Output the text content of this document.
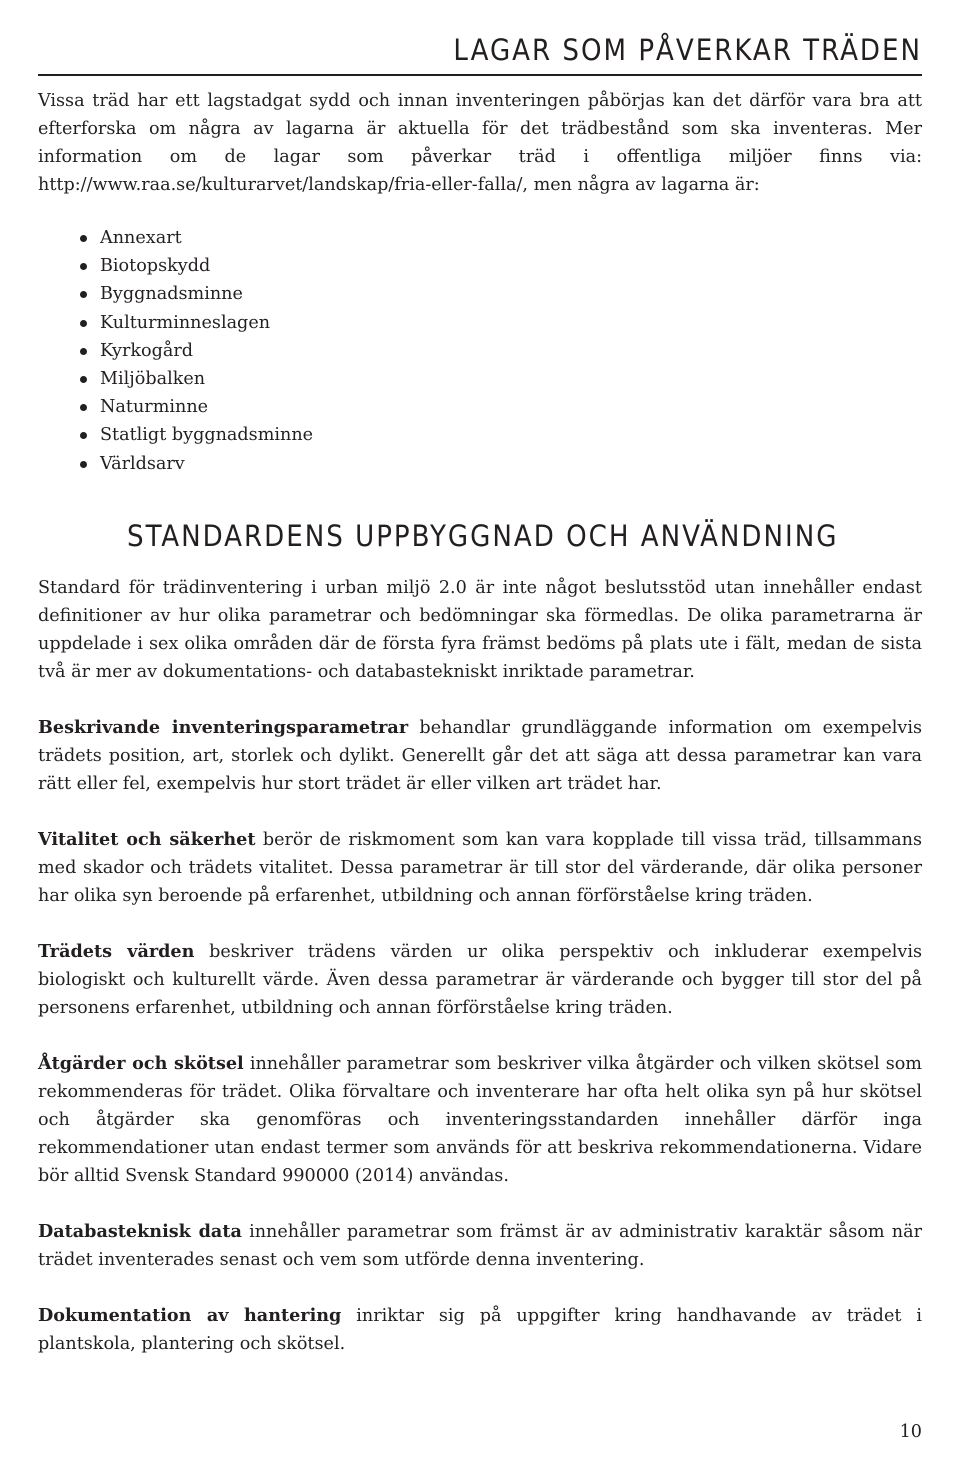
LAGAR SOM PÅVERKAR TRÄDEN

Vissa träd har ett lagstadgat sydd och innan inventeringen påbörjas kan det därför vara bra att efterforska om några av lagarna är aktuella för det trädbestånd som ska inventeras. Mer information om de lagar som påverkar träd i offentliga miljöer finns via: http://www.raa.se/kulturarvet/landskap/fria-eller-falla/, men några av lagarna är:

Annexart
Biotopskydd
Byggnadsminne
Kulturminneslagen
Kyrkogård
Miljöbalken
Naturminne
Statligt byggnadsminne
Världsarv
STANDARDENS UPPBYGGNAD OCH ANVÄNDNING

Standard för trädinventering i urban miljö 2.0 är inte något beslutsstöd utan innehåller endast definitioner av hur olika parametrar och bedömningar ska förmedlas. De olika parametrarna är uppdelade i sex olika områden där de första fyra främst bedöms på plats ute i fält, medan de sista två är mer av dokumentations- och databastekniskt inriktade parametrar.

Beskrivande inventeringsparametrar behandlar grundläggande information om exempelvis trädets position, art, storlek och dylikt. Generellt går det att säga att dessa parametrar kan vara rätt eller fel, exempelvis hur stort trädet är eller vilken art trädet har.

Vitalitet och säkerhet berör de riskmoment som kan vara kopplade till vissa träd, tillsammans med skador och trädets vitalitet. Dessa parametrar är till stor del värderande, där olika personer har olika syn beroende på erfarenhet, utbildning och annan förförståelse kring träden.

Trädets värden beskriver trädens värden ur olika perspektiv och inkluderar exempelvis biologiskt och kulturellt värde. Även dessa parametrar är värderande och bygger till stor del på personens erfarenhet, utbildning och annan förförståelse kring träden.

Åtgärder och skötsel innehåller parametrar som beskriver vilka åtgärder och vilken skötsel som rekommenderas för trädet. Olika förvaltare och inventerare har ofta helt olika syn på hur skötsel och åtgärder ska genomföras och inventeringsstandarden innehåller därför inga rekommendationer utan endast termer som används för att beskriva rekommendationerna. Vidare bör alltid Svensk Standard 990000 (2014) användas.

Databasteknisk data innehåller parametrar som främst är av administrativ karaktär såsom när trädet inventerades senast och vem som utförde denna inventering.

Dokumentation av hantering inriktar sig på uppgifter kring handhavande av trädet i plantskola, plantering och skötsel.

10
